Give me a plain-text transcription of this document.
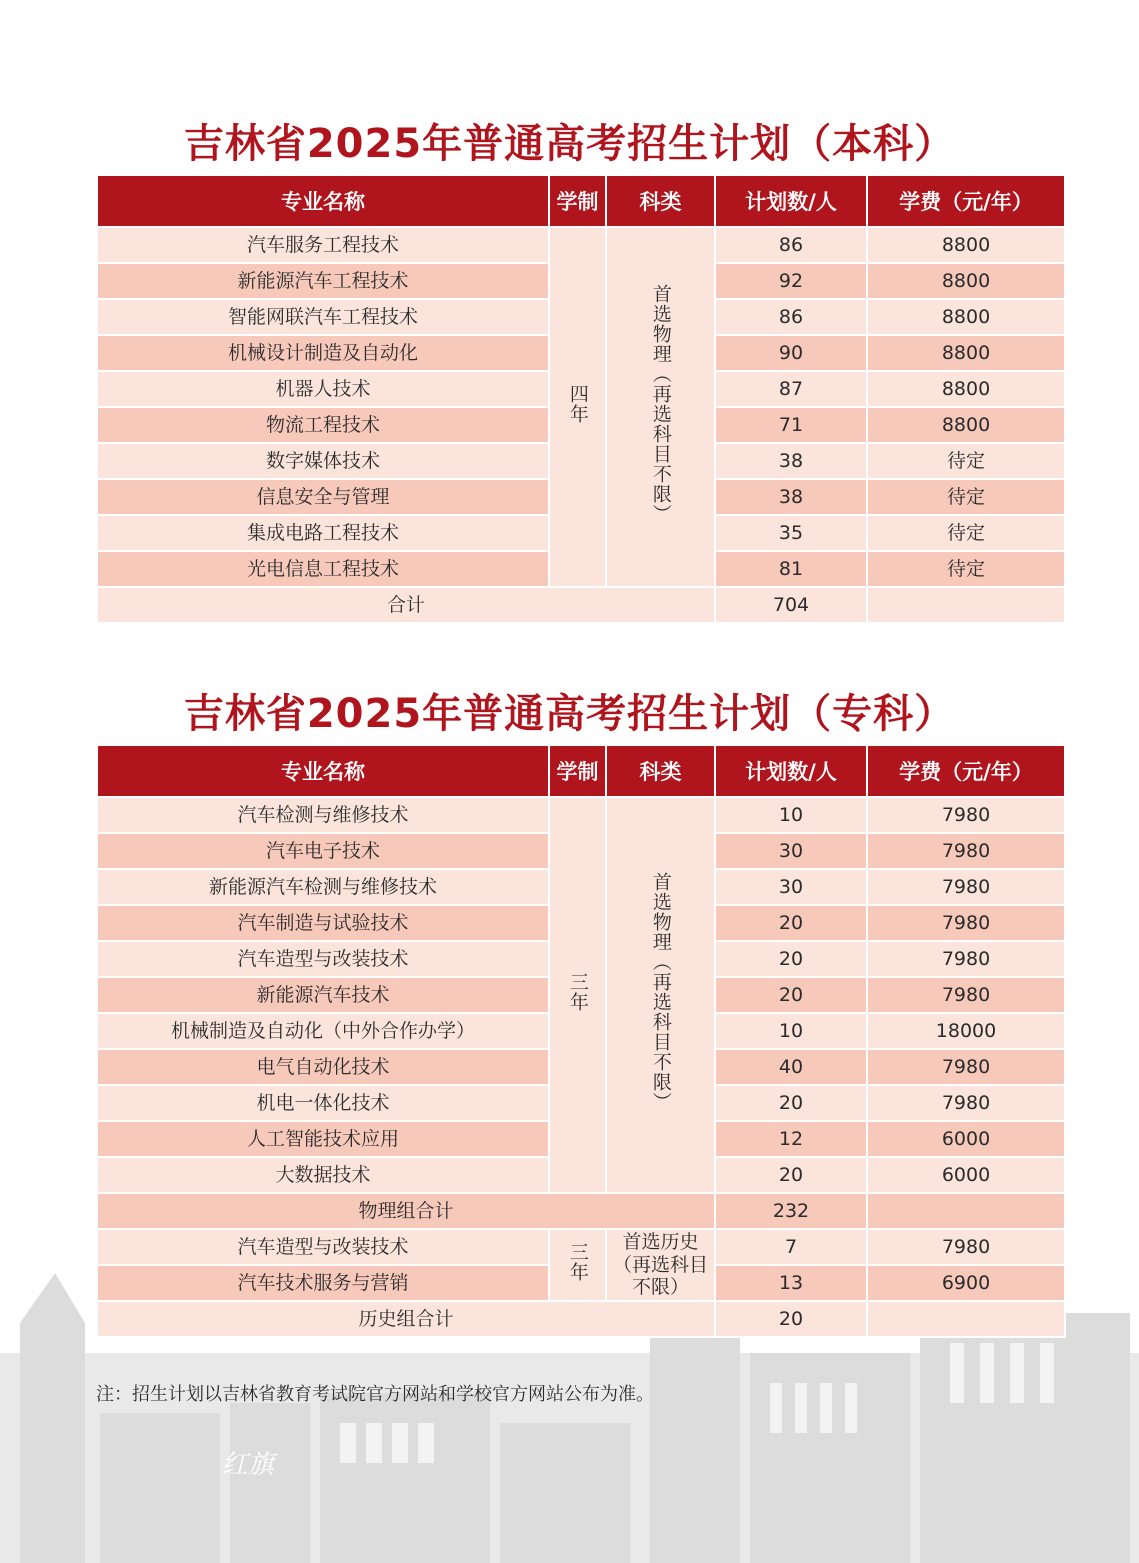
红旗
吉林省2025年普通高考招生计划（本科）
专业名称	学制	科类	计划数/人	学费（元/年）
汽车服务工程技术	四年	首选物理（再选科目不限）	86	8800
新能源汽车工程技术			92	8800
智能网联汽车工程技术			86	8800
机械设计制造及自动化			90	8800
机器人技术			87	8800
物流工程技术			71	8800
数字媒体技术			38	待定
信息安全与管理			38	待定
集成电路工程技术			35	待定
光电信息工程技术			81	待定
合计			704	
吉林省2025年普通高考招生计划（专科）
专业名称	学制	科类	计划数/人	学费（元/年）
汽车检测与维修技术	三年	首选物理（再选科目不限）	10	7980
汽车电子技术			30	7980
新能源汽车检测与维修技术			30	7980
汽车制造与试验技术			20	7980
汽车造型与改装技术			20	7980
新能源汽车技术			20	7980
机械制造及自动化（中外合作办学）			10	18000
电气自动化技术			40	7980
机电一体化技术			20	7980
人工智能技术应用			12	6000
大数据技术			20	6000
物理组合计			232	
汽车造型与改装技术	三年	首选历史
（再选科目
不限）	7	7980
汽车技术服务与营销			13	6900
历史组合计			20	
注：招生计划以吉林省教育考试院官方网站和学校官方网站公布为准。
